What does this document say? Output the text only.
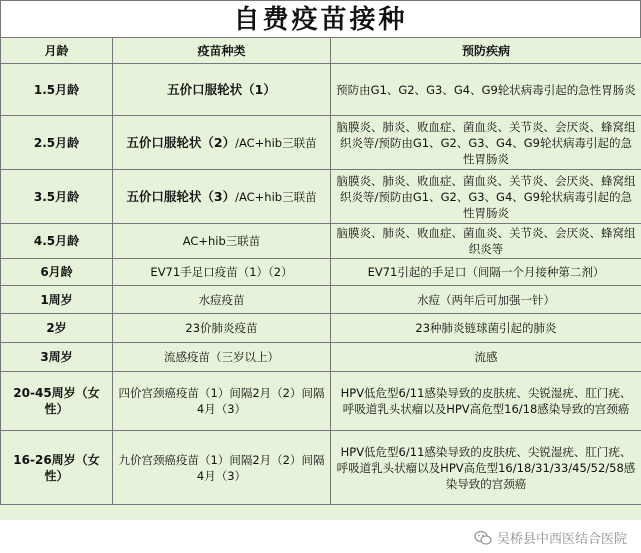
自费疫苗接种
月龄	疫苗种类	预防疾病
1.5月龄	五价口服轮状（1）	预防由G1、G2、G3、G4、G9轮状病毒引起的急性胃肠炎
2.5月龄	五价口服轮状（2）/AC+hib三联苗	脑膜炎、肺炎、败血症、菌血炎、关节炎、会厌炎、蜂窝组织炎等/预防由G1、G2、G3、G4、G9轮状病毒引起的急性胃肠炎
3.5月龄	五价口服轮状（3）/AC+hib三联苗	脑膜炎、肺炎、败血症、菌血炎、关节炎、会厌炎、蜂窝组织炎等/预防由G1、G2、G3、G4、G9轮状病毒引起的急性胃肠炎
4.5月龄	AC+hib三联苗	脑膜炎、肺炎、败血症、菌血炎、关节炎、会厌炎、蜂窝组织炎等
6月龄	EV71手足口疫苗（1）（2）	EV71引起的手足口（间隔一个月接种第二剂）
1周岁	水痘疫苗	水痘（两年后可加强一针）
2岁	23价肺炎疫苗	23种肺炎链球菌引起的肺炎
3周岁	流感疫苗（三岁以上）	流感
20-45周岁（女性）	四价宫颈癌疫苗（1）间隔2月（2）间隔4月（3）	HPV低危型6/11感染导致的皮肤疣、尖锐湿疣、肛门疣、呼吸道乳头状瘤以及HPV高危型16/18感染导致的宫颈癌
16-26周岁（女性）	九价宫颈癌疫苗（1）间隔2月（2）间隔4月（3）	HPV低危型6/11感染导致的皮肤疣、尖锐湿疣、肛门疣、呼吸道乳头状瘤以及HPV高危型16/18/31/33/45/52/58感染导致的宫颈癌
吴桥县中西医结合医院
